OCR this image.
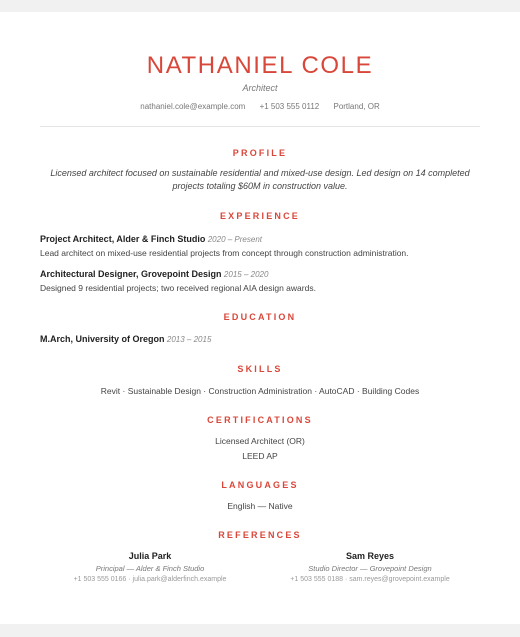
NATHANIEL COLE
Architect
nathaniel.cole@example.com +1 503 555 0112 Portland, OR
PROFILE
Licensed architect focused on sustainable residential and mixed-use design. Led design on 14 completed projects totaling $60M in construction value.
EXPERIENCE
Project Architect, Alder & Finch Studio 2020 – Present
Lead architect on mixed-use residential projects from concept through construction administration.
Architectural Designer, Grovepoint Design 2015 – 2020
Designed 9 residential projects; two received regional AIA design awards.
EDUCATION
M.Arch, University of Oregon 2013 – 2015
SKILLS
Revit · Sustainable Design · Construction Administration · AutoCAD · Building Codes
CERTIFICATIONS
Licensed Architect (OR)
LEED AP
LANGUAGES
English — Native
REFERENCES
Julia Park
Principal — Alder & Finch Studio
+1 503 555 0166 · julia.park@alderfinch.example
Sam Reyes
Studio Director — Grovepoint Design
+1 503 555 0188 · sam.reyes@grovepoint.example
